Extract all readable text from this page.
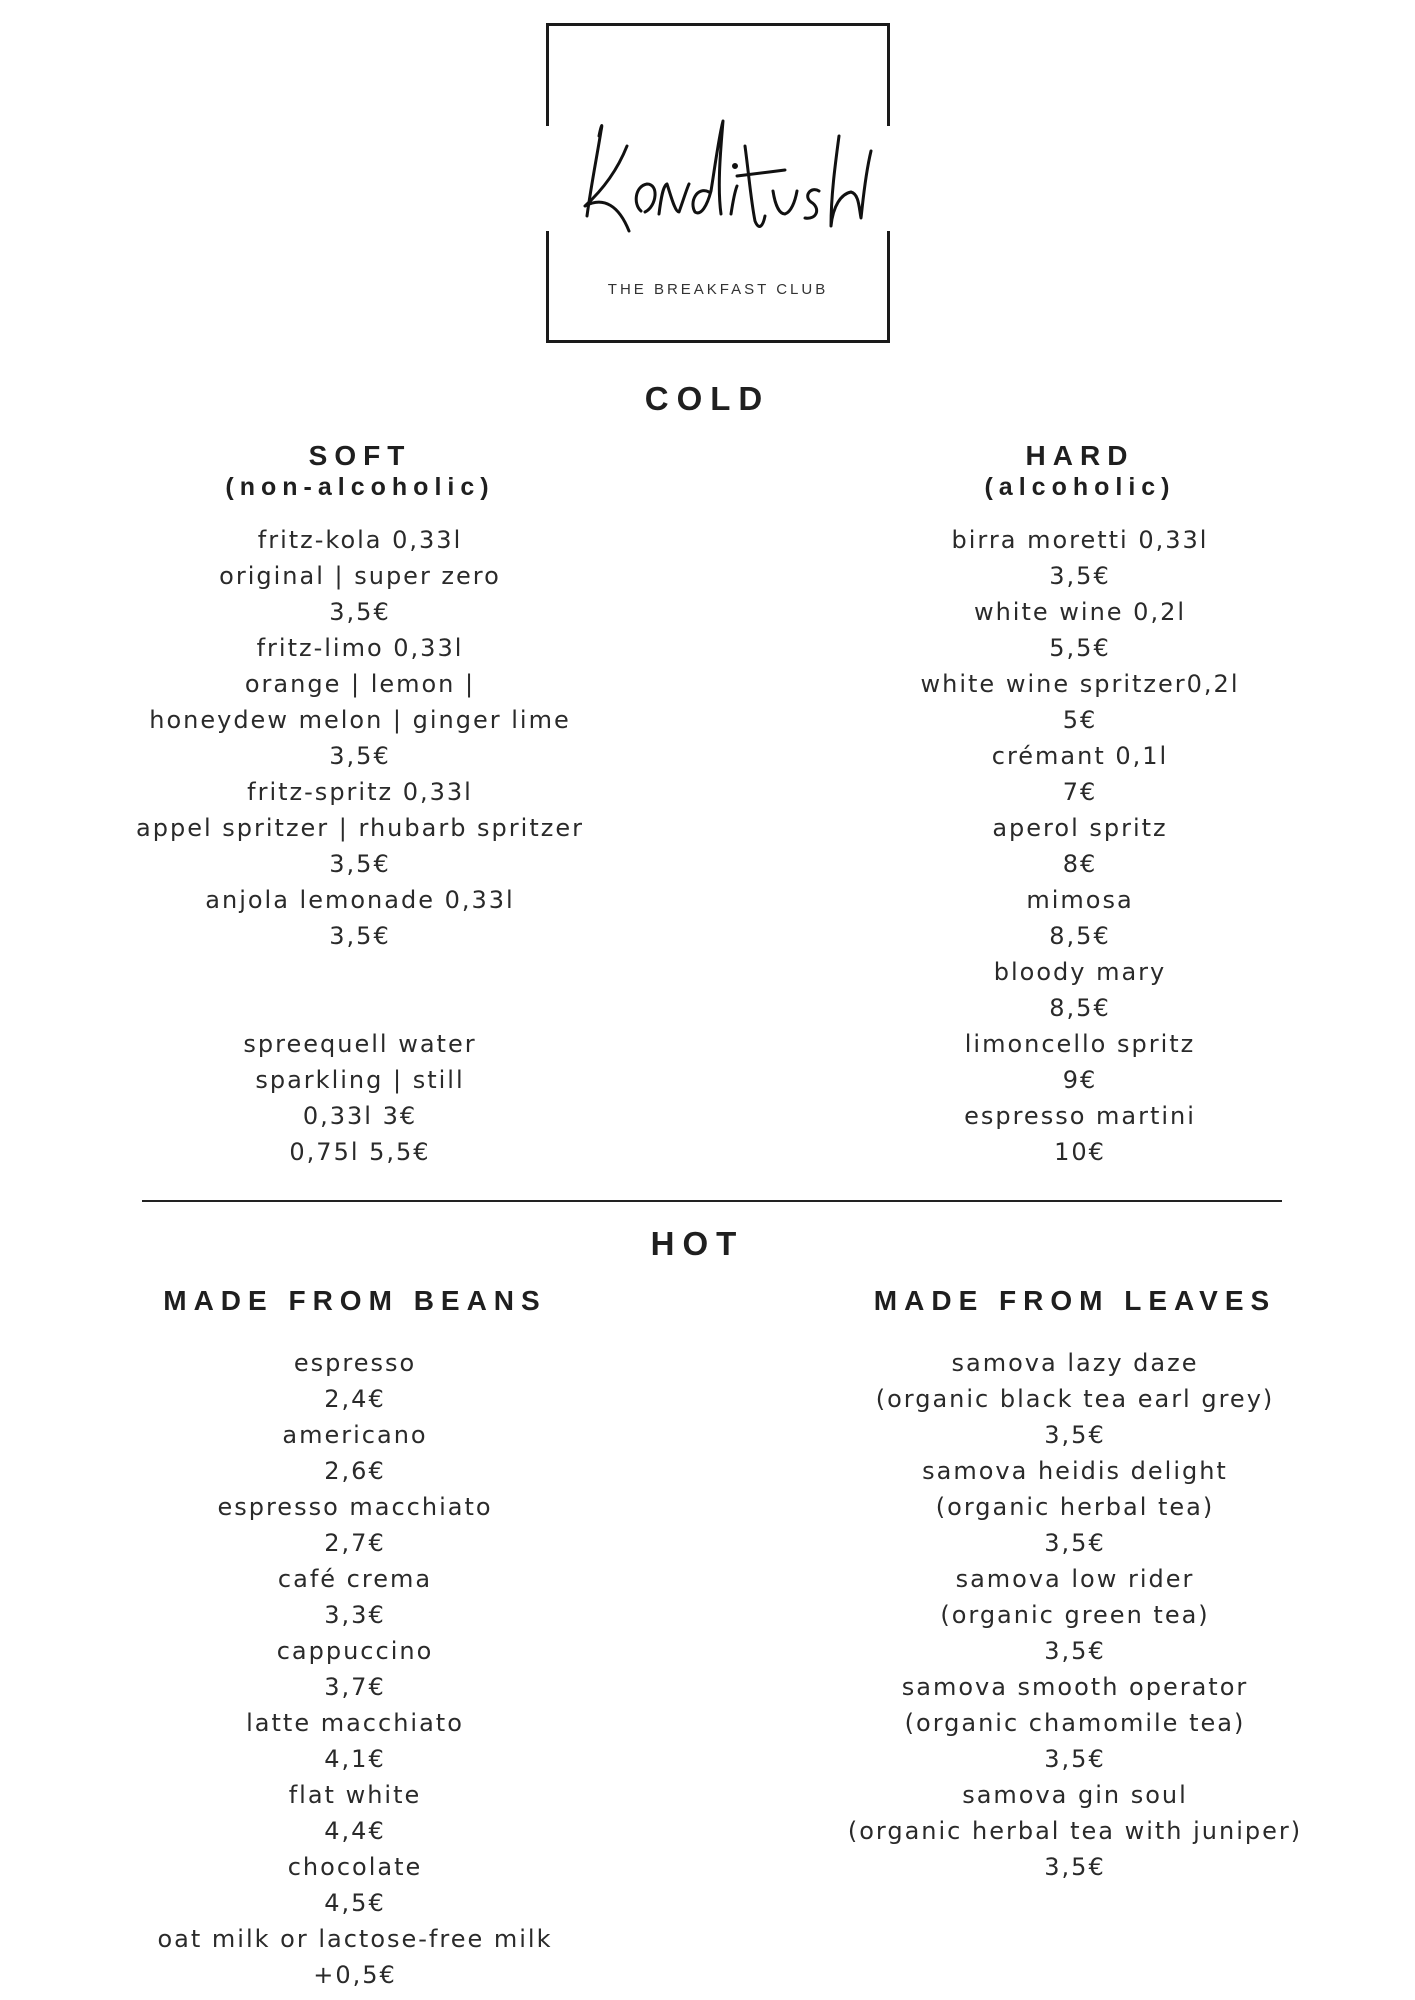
THE BREAKFAST CLUB
COLD
SOFT
(non-alcoholic)
fritz-kola 0,33l
original | super zero
3,5€
fritz-limo 0,33l
orange | lemon |
honeydew melon | ginger lime
3,5€
fritz-spritz 0,33l
appel spritzer | rhubarb spritzer
3,5€
anjola lemonade 0,33l
3,5€
spreequell water
sparkling | still
0,33l 3€
0,75l 5,5€
HARD
(alcoholic)
birra moretti 0,33l
3,5€
white wine 0,2l
5,5€
white wine spritzer0,2l
5€
crémant 0,1l
7€
aperol spritz
8€
mimosa
8,5€
bloody mary
8,5€
limoncello spritz
9€
espresso martini
10€
HOT
MADE FROM BEANS
espresso
2,4€
americano
2,6€
espresso macchiato
2,7€
café crema
3,3€
cappuccino
3,7€
latte macchiato
4,1€
flat white
4,4€
chocolate
4,5€
oat milk or lactose-free milk
+0,5€
MADE FROM LEAVES
samova lazy daze
(organic black tea earl grey)
3,5€
samova heidis delight
(organic herbal tea)
3,5€
samova low rider
(organic green tea)
3,5€
samova smooth operator
(organic chamomile tea)
3,5€
samova gin soul
(organic herbal tea with juniper)
3,5€
